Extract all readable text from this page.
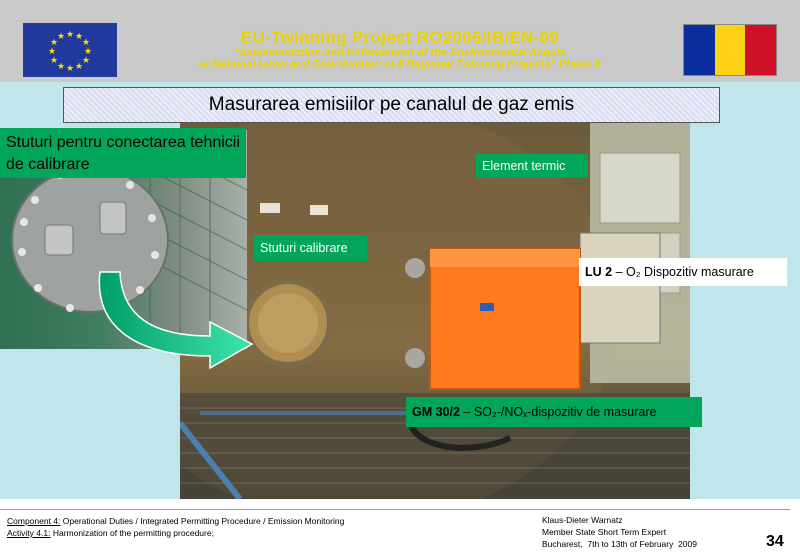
★ ★
★
★
★
★
★
★
★
★
★
★	EU-Twinning Project RO2006/IB/EN-09
“Implementation and Enforcement of the Environmental Acquis
at National Level and Coordination of 8 Regional Twinning Projects” Phase II
Masurarea emisiilor pe canalul de gaz emis
Stuturi pentru conectarea tehnicii de calibrare	Element termic
Stuturi calibrare
LU 2 – O₂ Dispozitiv masurare
GM 30/2 – SO₂-/NOₓ-dispozitiv de masurare
Component 4: Operational Duties / Integrated Permitting Procedure / Emission Monitoring
Activity 4.1: Harmonization of the permitting procedure;
Klaus-Dieter Warnatz
Member State Short Term Expert
Bucharest,  7th to 13th of February  2009	34
